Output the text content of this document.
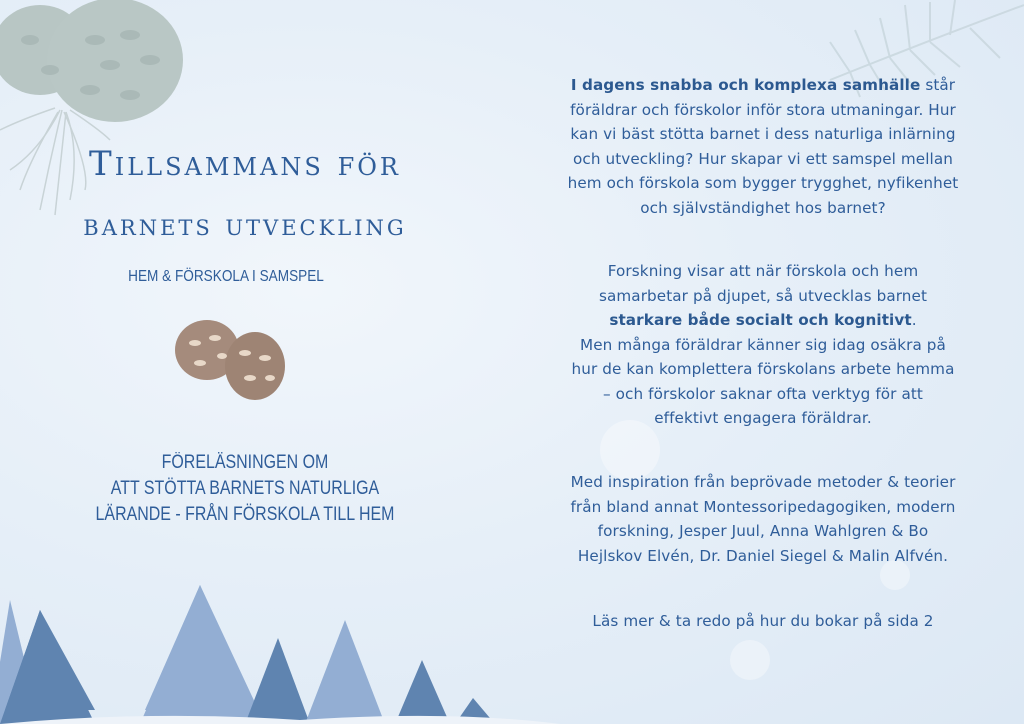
Tillsammans för
barnets utveckling
HEM & FÖRSKOLA I SAMSPEL
FÖRELÄSNINGEN OM
ATT STÖTTA BARNETS NATURLIGA
LÄRANDE - FRÅN FÖRSKOLA TILL HEM
I dagens snabba och komplexa samhälle står
föräldrar och förskolor inför stora utmaningar. Hur
kan vi bäst stötta barnet i dess naturliga inlärning
och utveckling? Hur skapar vi ett samspel mellan
hem och förskola som bygger trygghet, nyfikenhet
och självständighet hos barnet?
Forskning visar att när förskola och hem
samarbetar på djupet, så utvecklas barnet
starkare både socialt och kognitivt.
Men många föräldrar känner sig idag osäkra på
hur de kan komplettera förskolans arbete hemma
– och förskolor saknar ofta verktyg för att
effektivt engagera föräldrar.
Med inspiration från beprövade metoder & teorier
från bland annat Montessoripedagogiken, modern
forskning, Jesper Juul, Anna Wahlgren & Bo
Hejlskov Elvén, Dr. Daniel Siegel & Malin Alfvén.
Läs mer & ta redo på hur du bokar på sida 2
